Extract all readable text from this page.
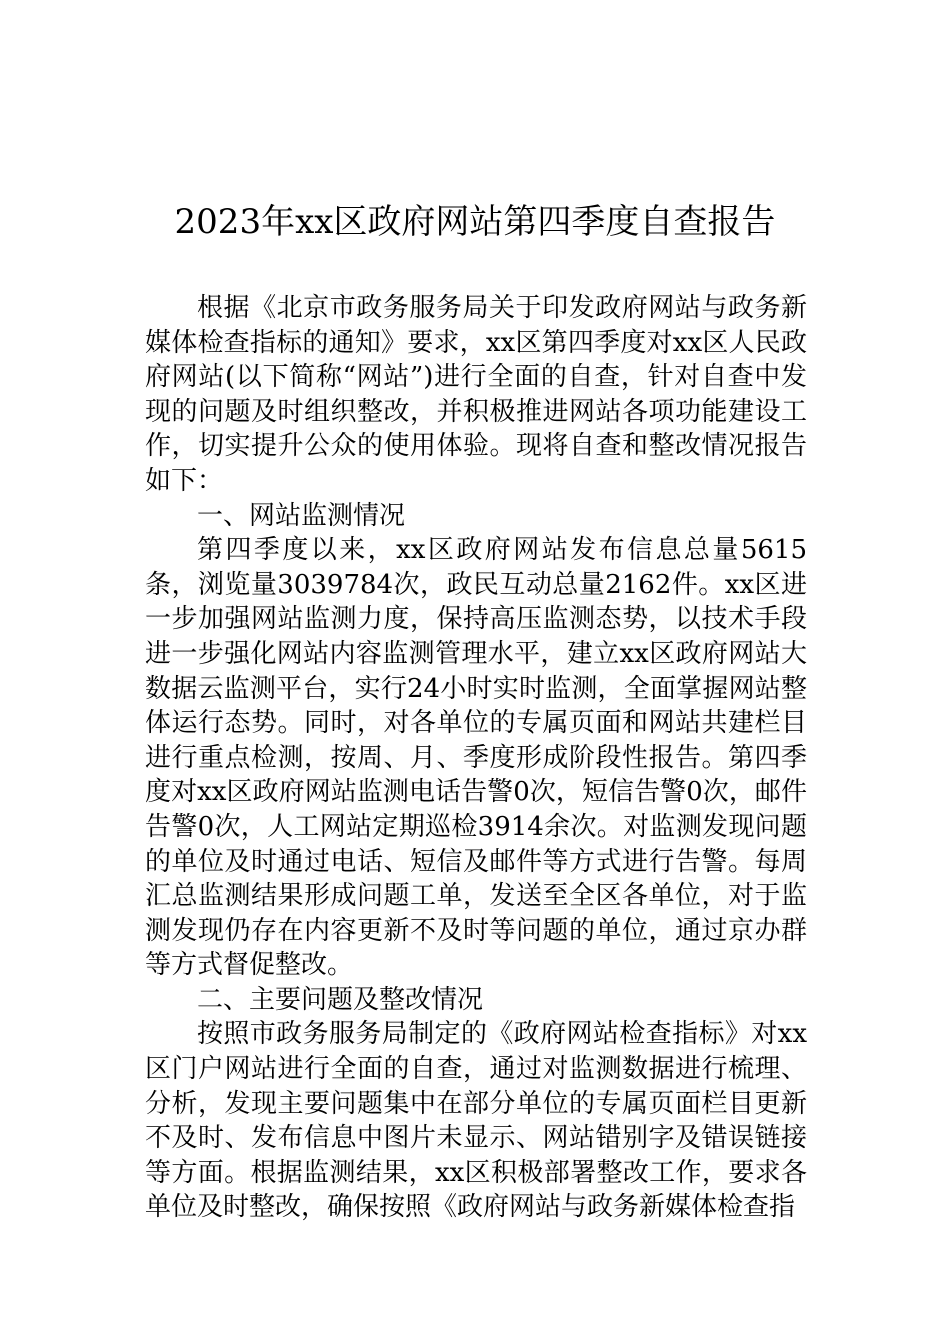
2023年xx区政府网站第四季度自查报告

根据《北京市政务服务局关于印发政府网站与政务新媒体检查指标的通知》要求，xx区第四季度对xx区人民政府网站(以下简称“网站”)进行全面的自查，针对自查中发现的问题及时组织整改，并积极推进网站各项功能建设工作，切实提升公众的使用体验。现将自查和整改情况报告如下：

一、网站监测情况

第四季度以来，xx区政府网站发布信息总量5615条，浏览量3039784次，政民互动总量2162件。xx区进一步加强网站监测力度，保持高压监测态势，以技术手段进一步强化网站内容监测管理水平，建立xx区政府网站大数据云监测平台，实行24小时实时监测，全面掌握网站整体运行态势。同时，对各单位的专属页面和网站共建栏目进行重点检测，按周、月、季度形成阶段性报告。第四季度对xx区政府网站监测电话告警0次，短信告警0次，邮件告警0次，人工网站定期巡检3914余次。对监测发现问题的单位及时通过电话、短信及邮件等方式进行告警。每周汇总监测结果形成问题工单，发送至全区各单位，对于监测发现仍存在内容更新不及时等问题的单位，通过京办群等方式督促整改。

二、主要问题及整改情况

按照市政务服务局制定的《政府网站检查指标》对xx区门户网站进行全面的自查，通过对监测数据进行梳理、分析，发现主要问题集中在部分单位的专属页面栏目更新不及时、发布信息中图片未显示、网站错别字及错误链接等方面。根据监测结果，xx区积极部署整改工作，要求各单位及时整改，确保按照《政府网站与政务新媒体检查指
